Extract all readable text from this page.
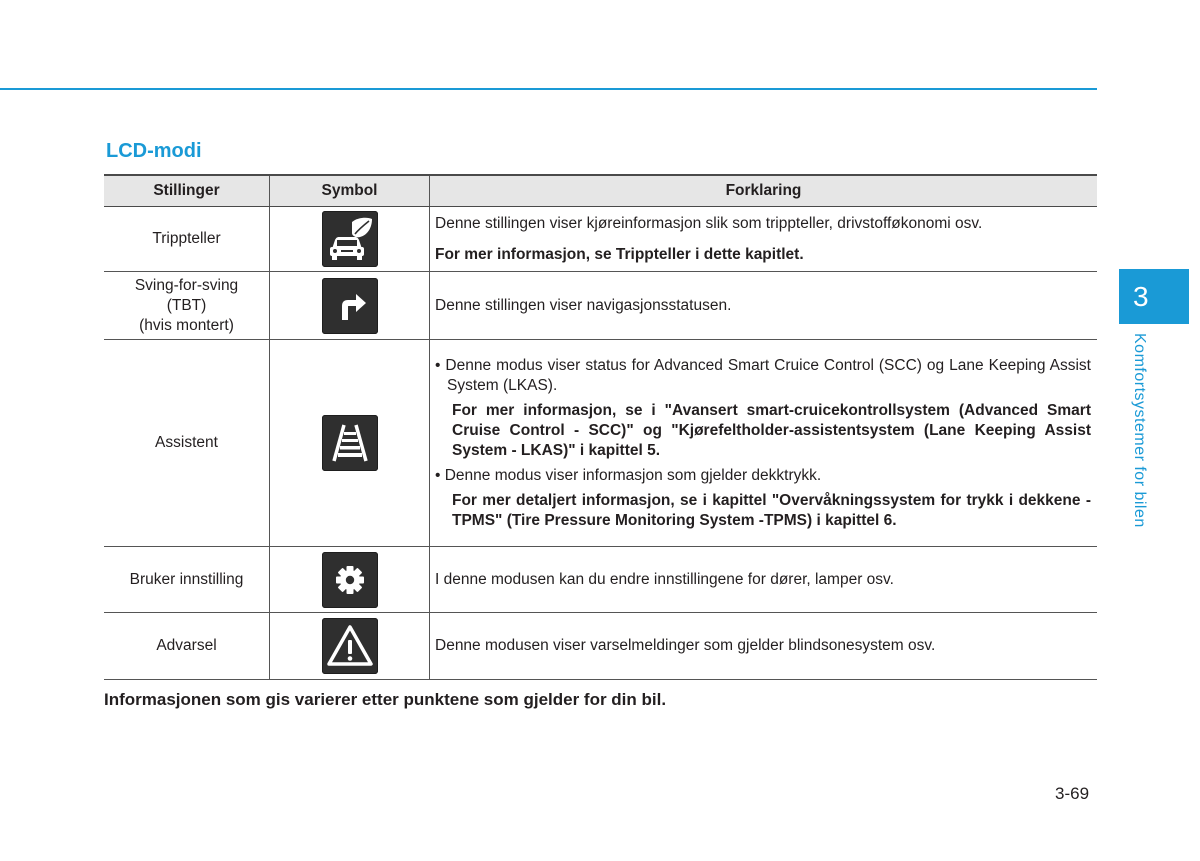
LCD-modi
Stillinger	Symbol	Forklaring
Trippteller		Denne stillingen viser kjøreinformasjon slik som trippteller, drivstofføkonomi osv.

For mer informasjon, se Trippteller i dette kapitlet.

Sving-for-sving
(TBT)
(hvis montert)		Denne stillingen viser navigasjonsstatusen.

Assistent		• Denne modus viser status for Advanced Smart Cruice Control (SCC) og Lane Keeping Assist System (LKAS).

For mer informasjon, se i "Avansert smart-cruicekontrollsystem (Advanced Smart Cruise Control - SCC)" og "Kjørefeltholder-assistentsystem (Lane Keeping Assist System - LKAS)" i kapittel 5.

• Denne modus viser informasjon som gjelder dekktrykk.

For mer detaljert informasjon, se i kapittel "Overvåkningssystem for trykk i dekkene - TPMS" (Tire Pressure Monitoring System -TPMS) i kapittel 6.

Bruker innstilling		I denne modusen kan du endre innstillingene for dører, lamper osv.

Advarsel		Denne modusen viser varselmeldinger som gjelder blindsonesystem osv.

Informasjonen som gis varierer etter punktene som gjelder for din bil.
3
Komfortsystemer for bilen
3-69
